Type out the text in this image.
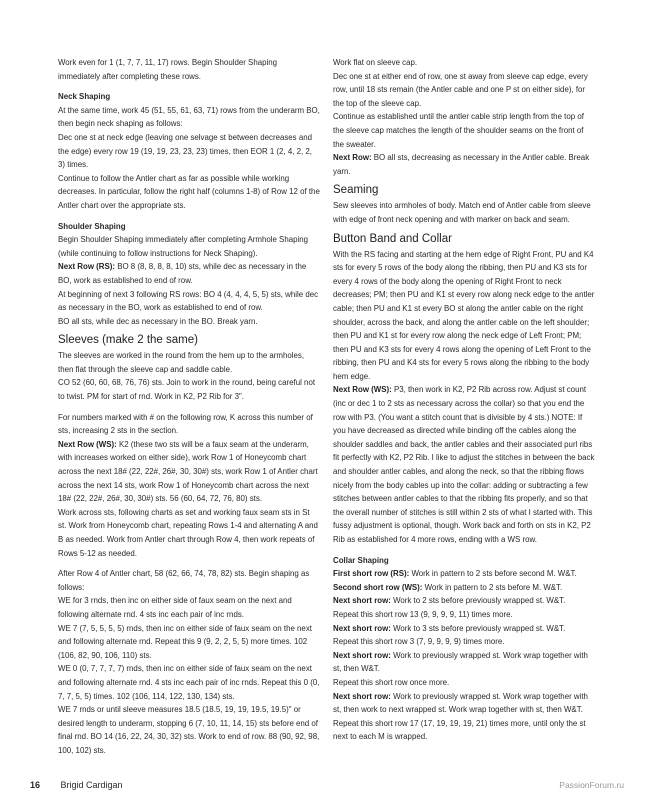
Work even for 1 (1, 7, 7, 11, 17) rows. Begin Shoulder Shaping immediately after completing these rows.

Neck Shaping

At the same time, work 45 (51, 55, 61, 63, 71) rows from the underarm BO, then begin neck shaping as follows:

Dec one st at neck edge (leaving one selvage st between decreases and the edge) every row 19 (19, 19, 23, 23, 23) times, then EOR 1 (2, 4, 2, 2, 3) times.

Continue to follow the Antler chart as far as possible while working decreases. In particular, follow the right half (columns 1-8) of Row 12 of the Antler chart over the appropriate sts.

Shoulder Shaping

Begin Shoulder Shaping immediately after completing Armhole Shaping (while continuing to follow instructions for Neck Shaping).

Next Row (RS): BO 8 (8, 8, 8, 8, 10) sts, while dec as necessary in the BO, work as established to end of row.

At beginning of next 3 following RS rows: BO 4 (4, 4, 4, 5, 5) sts, while dec as necessary in the BO, work as established to end of row.

BO all sts, while dec as necessary in the BO. Break yarn.

Sleeves (make 2 the same)

The sleeves are worked in the round from the hem up to the armholes, then flat through the sleeve cap and saddle cable.

CO 52 (60, 60, 68, 76, 76) sts. Join to work in the round, being careful not to twist. PM for start of rnd. Work in K2, P2 Rib for 3".

For numbers marked with # on the following row, K across this number of sts, increasing 2 sts in the section.

Next Row (WS): K2 (these two sts will be a faux seam at the underarm, with increases worked on either side), work Row 1 of Honeycomb chart across the next 18# (22, 22#, 26#, 30, 30#) sts, work Row 1 of Antler chart across the next 14 sts, work Row 1 of Honeycomb chart across the next 18# (22, 22#, 26#, 30, 30#) sts. 56 (60, 64, 72, 76, 80) sts.

Work across sts, following charts as set and working faux seam sts in St st. Work from Honeycomb chart, repeating Rows 1-4 and alternating A and B as needed. Work from Antler chart through Row 4, then work repeats of Rows 5-12 as needed.

After Row 4 of Antler chart, 58 (62, 66, 74, 78, 82) sts. Begin shaping as follows:

WE for 3 rnds, then inc on either side of faux seam on the next and following alternate rnd. 4 sts inc each pair of inc rnds.

WE 7 (7, 5, 5, 5, 5) rnds, then inc on either side of faux seam on the next and following alternate rnd. Repeat this 9 (9, 2, 2, 5, 5) more times. 102 (106, 82, 90, 106, 110) sts.

WE 0 (0, 7, 7, 7, 7) rnds, then inc on either side of faux seam on the next and following alternate rnd. 4 sts inc each pair of inc rnds. Repeat this 0 (0, 7, 7, 5, 5) times. 102 (106, 114, 122, 130, 134) sts.

WE 7 rnds or until sleeve measures 18.5 (18.5, 19, 19, 19.5, 19.5)" or desired length to underarm, stopping 6 (7, 10, 11, 14, 15) sts before end of final rnd. BO 14 (16, 22, 24, 30, 32) sts. Work to end of row. 88 (90, 92, 98, 100, 102) sts.

Work flat on sleeve cap.

Dec one st at either end of row, one st away from sleeve cap edge, every row, until 18 sts remain (the Antler cable and one P st on either side), for the top of the sleeve cap.

Continue as established until the antler cable strip length from the top of the sleeve cap matches the length of the shoulder seams on the front of the sweater.

Next Row: BO all sts, decreasing as necessary in the Antler cable. Break yarn.

Seaming

Sew sleeves into armholes of body. Match end of Antler cable from sleeve with edge of front neck opening and with marker on back and seam.

Button Band and Collar

With the RS facing and starting at the hem edge of Right Front, PU and K4 sts for every 5 rows of the body along the ribbing, then PU and K3 sts for every 4 rows of the body along the opening of Right Front to neck decreases; PM; then PU and K1 st every row along neck edge to the antler cable; then PU and K1 st every BO st along the antler cable on the right shoulder, across the back, and along the antler cable on the left shoulder; then PU and K1 st for every row along the neck edge of Left Front; PM; then PU and K3 sts for every 4 rows along the opening of Left Front to the ribbing, then PU and K4 sts for every 5 rows along the ribbing to the body hem edge.

Next Row (WS): P3, then work in K2, P2 Rib across row. Adjust st count (inc or dec 1 to 2 sts as necessary across the collar) so that you end the row with P3. (You want a stitch count that is divisible by 4 sts.) NOTE: If you have decreased as directed while binding off the cables along the shoulder saddles and back, the antler cables and their associated purl ribs fit perfectly with K2, P2 Rib. I like to adjust the stitches in between the back and shoulder antler cables, and along the neck, so that the ribbing flows nicely from the body cables up into the collar: adding or subtracting a few stitches between antler cables to that the ribbing fits properly, and so that the overall number of stitches is still within 2 sts of what I started with. This fussy adjustment is optional, though. Work back and forth on sts in K2, P2 Rib as established for 4 more rows, ending with a WS row.

Collar Shaping

First short row (RS): Work in pattern to 2 sts before second M. W&T.

Second short row (WS): Work in pattern to 2 sts before M. W&T.

Next short row: Work to 2 sts before previously wrapped st. W&T.

Repeat this short row 13 (9, 9, 9, 9, 11) times more.

Next short row: Work to 3 sts before previously wrapped st. W&T.

Repeat this short row 3 (7, 9, 9, 9, 9) times more.

Next short row: Work to previously wrapped st. Work wrap together with st, then W&T.

Repeat this short row once more.

Next short row: Work to previously wrapped st. Work wrap together with st, then work to next wrapped st. Work wrap together with st, then W&T.

Repeat this short row 17 (17, 19, 19, 19, 21) times more, until only the st next to each M is wrapped.

16 Brigid Cardigan	PassionForum.ru
